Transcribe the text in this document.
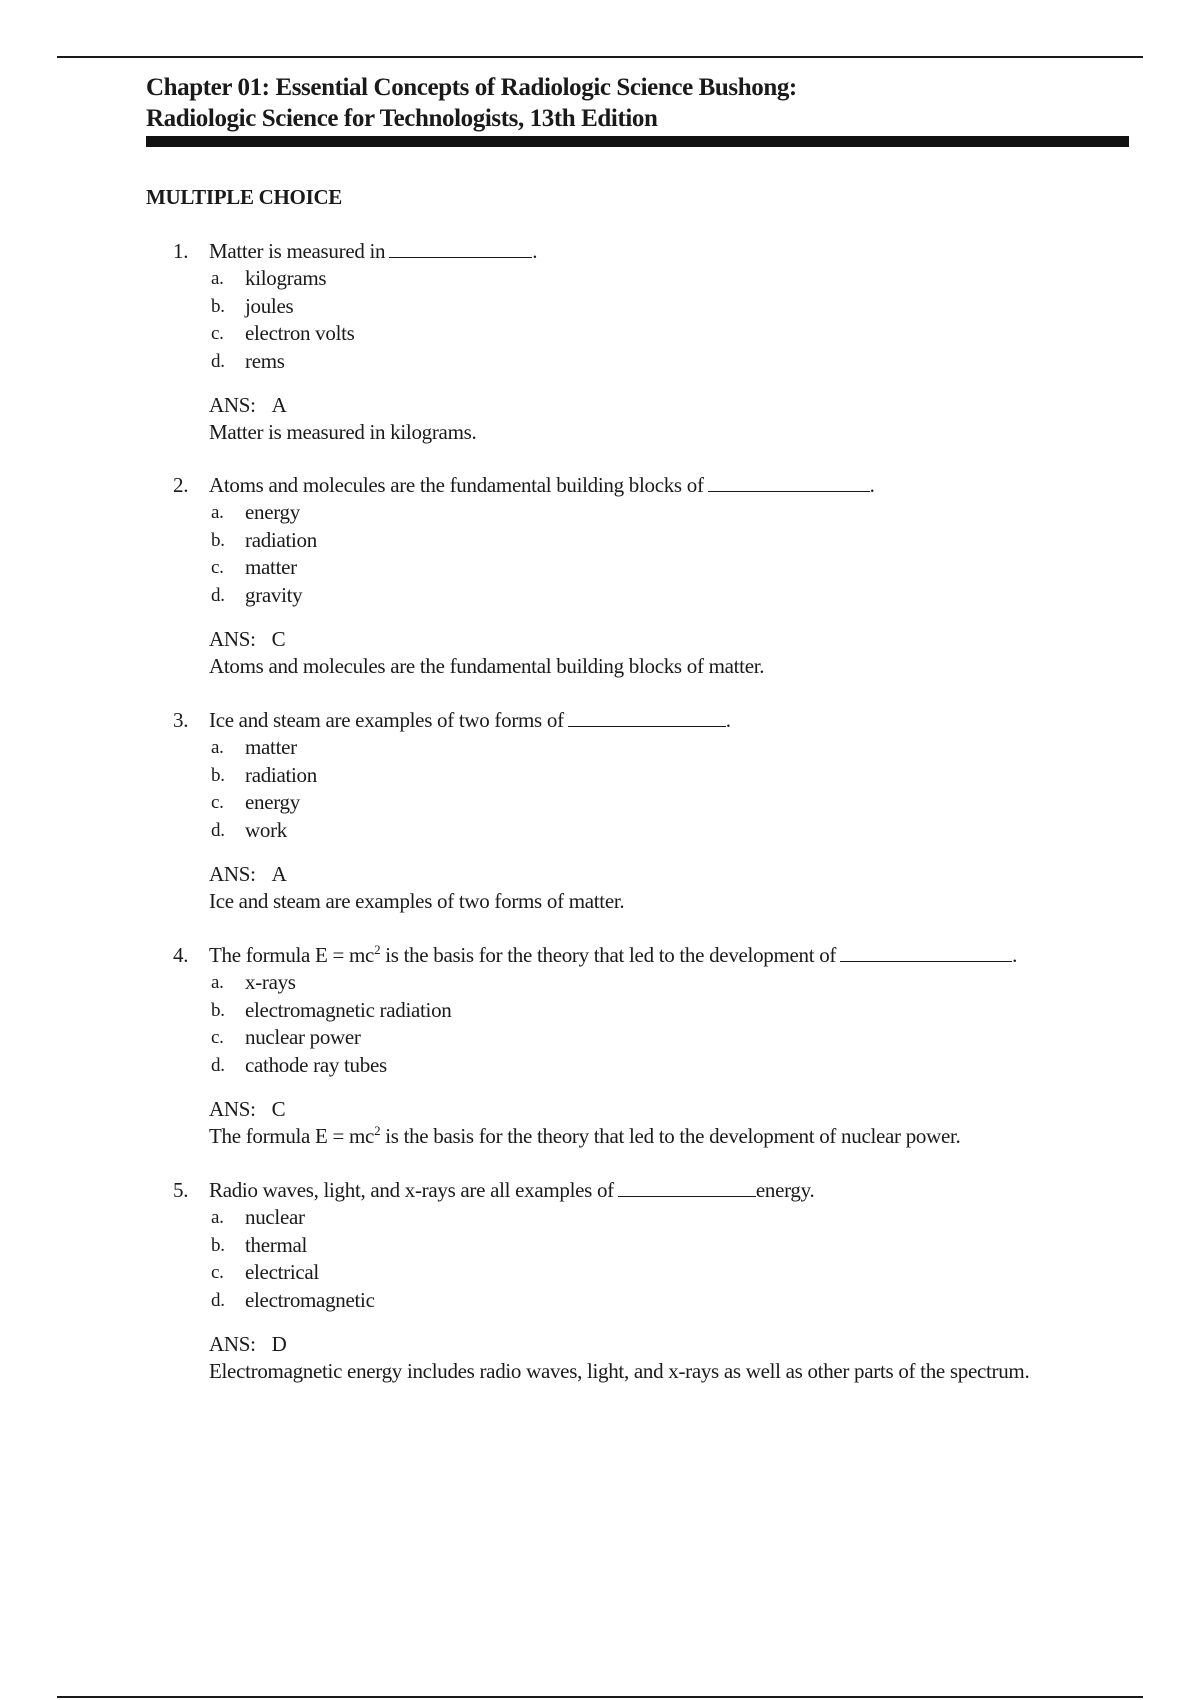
Chapter 01: Essential Concepts of Radiologic Science Bushong:
Radiologic Science for Technologists, 13th Edition
MULTIPLE CHOICE
1. Matter is measured in	.
a. kilograms
b. joules
c. electron volts
d. rems
ANS: A
Matter is measured in kilograms.
2. Atoms and molecules are the fundamental building blocks of	.
a. energy
b. radiation
c. matter
d. gravity
ANS: C
Atoms and molecules are the fundamental building blocks of matter.
3. Ice and steam are examples of two forms of	.
a. matter
b. radiation
c. energy
d. work
ANS: A
Ice and steam are examples of two forms of matter.
4. The formula $E = mc^2$ is the basis for the theory that led to the development of	.
a. x-rays
b. electromagnetic radiation
c. nuclear power
d. cathode ray tubes
ANS: C
The formula $E = mc^2$ is the basis for the theory that led to the development of nuclear power.
5. Radio waves, light, and x-rays are all examples of	energy.
a. nuclear
b. thermal
c. electrical
d. electromagnetic
ANS: D
Electromagnetic energy includes radio waves, light, and x-rays as well as other parts of the spectrum.
